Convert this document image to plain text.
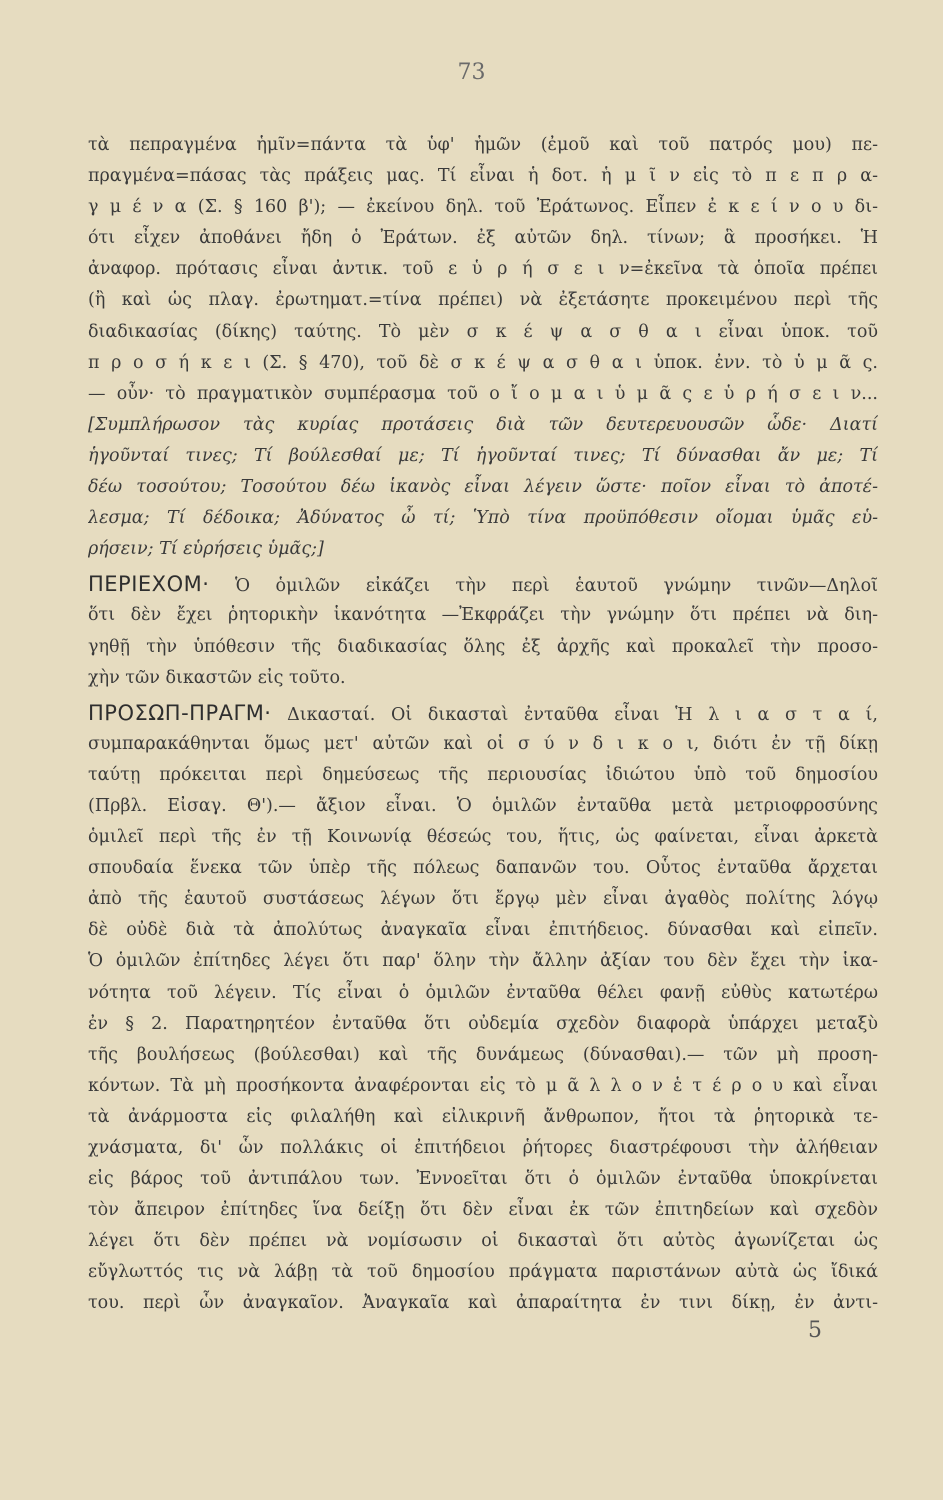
73
τὰ πεπραγμένα ἡμῖν=πάντα τὰ ὑφ' ἡμῶν (ἐμοῦ καὶ τοῦ πατρός μου) πε-
πραγμένα=πάσας τὰς πράξεις μας. Τί εἶναι ἡ δοτ. ἡ μ ῖ ν εἰς τὸ π ε π ρ α-
γ μ έ ν α (Σ. § 160 β'); — ἐκείνου δηλ. τοῦ Ἐράτωνος. Εἶπεν ἐ κ ε ί ν ο υ δι-
ότι εἶχεν ἀποθάνει ἤδη ὁ Ἐράτων. ἐξ αὐτῶν δηλ. τίνων; ἃ προσήκει. Ἡ
ἀναφορ. πρότασις εἶναι ἀντικ. τοῦ ε ὑ ρ ή σ ε ι ν=ἐκεῖνα τὰ ὁποῖα πρέπει
(ἢ καὶ ὡς πλαγ. ἐρωτηματ.=τίνα πρέπει) νὰ ἐξετάσητε προκειμένου περὶ τῆς
διαδικασίας (δίκης) ταύτης. Τὸ μὲν σ κ έ ψ α σ θ α ι εἶναι ὑποκ. τοῦ
π ρ ο σ ή κ ε ι (Σ. § 470), τοῦ δὲ σ κ έ ψ α σ θ α ι ὑποκ. ἐνν. τὸ ὑ μ ᾶ ς.
— οὖν· τὸ πραγματικὸν συμπέρασμα τοῦ ο ἴ ο μ α ι ὑ μ ᾶ ς ε ὑ ρ ή σ ε ι ν...
[Συμπλήρωσον τὰς κυρίας προτάσεις διὰ τῶν δευτερευουσῶν ὧδε· Διατί
ἡγοῦνταί τινες; Τί βούλεσθαί με; Τί ἡγοῦνταί τινες; Τί δύνασθαι ἄν με; Τί
δέω τοσούτου; Τοσούτου δέω ἱκανὸς εἶναι λέγειν ὥστε· ποῖον εἶναι τὸ ἀποτέ-
λεσμα; Τί δέδοικα; Ἀδύνατος ὦ τί; Ὑπὸ τίνα προϋπόθεσιν οἴομαι ὑμᾶς εὑ-
ρήσειν; Τί εὑρήσεις ὑμᾶς;]
ΠΕΡΙΕΧΟΜ· Ὁ ὁμιλῶν εἰκάζει τὴν περὶ ἑαυτοῦ γνώμην τινῶν—Δηλοῖ
ὅτι δὲν ἔχει ῥητορικὴν ἱκανότητα —Ἐκφράζει τὴν γνώμην ὅτι πρέπει νὰ διη-
γηθῇ τὴν ὑπόθεσιν τῆς διαδικασίας ὅλης ἐξ ἀρχῆς καὶ προκαλεῖ τὴν προσο-
χὴν τῶν δικαστῶν εἰς τοῦτο.
ΠΡΟΣΩΠ-ΠΡΑΓΜ· Δικασταί. Οἱ δικασταὶ ἐνταῦθα εἶναι Ἡ λ ι α σ τ α ί,
συμπαρακάθηνται ὅμως μετ' αὐτῶν καὶ οἱ σ ύ ν δ ι κ ο ι, διότι ἐν τῇ δίκῃ
ταύτῃ πρόκειται περὶ δημεύσεως τῆς περιουσίας ἰδιώτου ὑπὸ τοῦ δημοσίου
(Πρβλ. Εἰσαγ. Θ').— ἄξιον εἶναι. Ὁ ὁμιλῶν ἐνταῦθα μετὰ μετριοφροσύνης
ὁμιλεῖ περὶ τῆς ἐν τῇ Κοινωνίᾳ θέσεώς του, ἥτις, ὡς φαίνεται, εἶναι ἀρκετὰ
σπουδαία ἕνεκα τῶν ὑπὲρ τῆς πόλεως δαπανῶν του. Οὗτος ἐνταῦθα ἄρχεται
ἀπὸ τῆς ἑαυτοῦ συστάσεως λέγων ὅτι ἔργῳ μὲν εἶναι ἀγαθὸς πολίτης λόγῳ
δὲ οὐδὲ διὰ τὰ ἀπολύτως ἀναγκαῖα εἶναι ἐπιτήδειος. δύνασθαι καὶ εἰπεῖν.
Ὁ ὁμιλῶν ἐπίτηδες λέγει ὅτι παρ' ὅλην τὴν ἄλλην ἀξίαν του δὲν ἔχει τὴν ἱκα-
νότητα τοῦ λέγειν. Τίς εἶναι ὁ ὁμιλῶν ἐνταῦθα θέλει φανῇ εὐθὺς κατωτέρω
ἐν § 2. Παρατηρητέον ἐνταῦθα ὅτι οὐδεμία σχεδὸν διαφορὰ ὑπάρχει μεταξὺ
τῆς βουλήσεως (βούλεσθαι) καὶ τῆς δυνάμεως (δύνασθαι).— τῶν μὴ προση-
κόντων. Τὰ μὴ προσήκοντα ἀναφέρονται εἰς τὸ μ ᾶ λ λ ο ν ἑ τ έ ρ ο υ καὶ εἶναι
τὰ ἀνάρμοστα εἰς φιλαλήθη καὶ εἰλικρινῆ ἄνθρωπον, ἤτοι τὰ ῥητορικὰ τε-
χνάσματα, δι' ὧν πολλάκις οἱ ἐπιτήδειοι ῥήτορες διαστρέφουσι τὴν ἀλήθειαν
εἰς βάρος τοῦ ἀντιπάλου των. Ἐννοεῖται ὅτι ὁ ὁμιλῶν ἐνταῦθα ὑποκρίνεται
τὸν ἄπειρον ἐπίτηδες ἵνα δείξῃ ὅτι δὲν εἶναι ἐκ τῶν ἐπιτηδείων καὶ σχεδὸν
λέγει ὅτι δὲν πρέπει νὰ νομίσωσιν οἱ δικασταὶ ὅτι αὐτὸς ἀγωνίζεται ὡς
εὔγλωττός τις νὰ λάβῃ τὰ τοῦ δημοσίου πράγματα παριστάνων αὐτὰ ὡς ἴδικά
του. περὶ ὧν ἀναγκαῖον. Ἀναγκαῖα καὶ ἀπαραίτητα ἐν τινι δίκῃ, ἐν ἀντι-
5
